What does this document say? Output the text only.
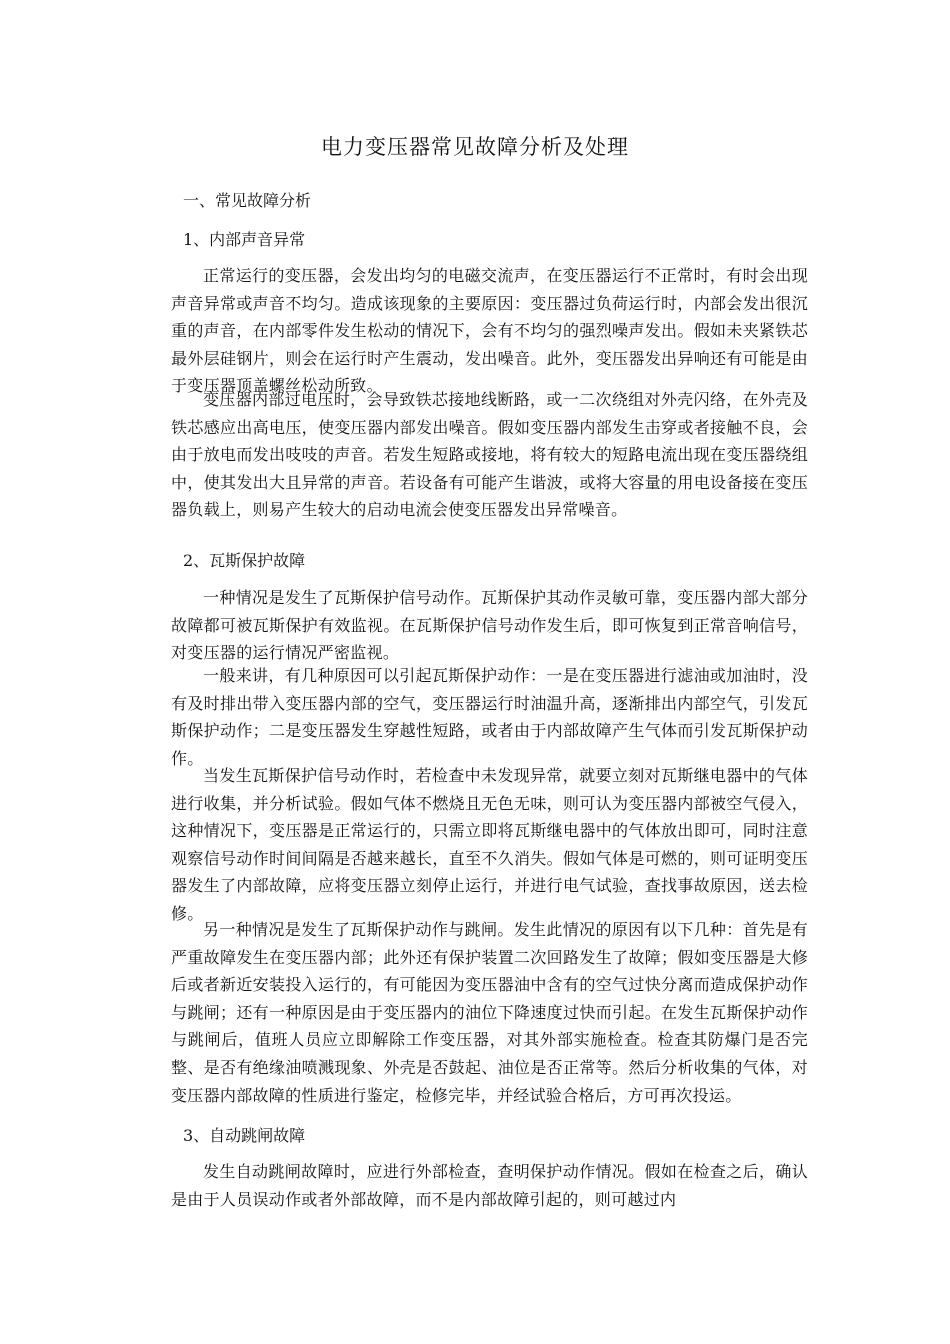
电力变压器常见故障分析及处理
一、常见故障分析
1、内部声音异常
正常运行的变压器，会发出均匀的电磁交流声，在变压器运行不正常时，有时会出现声音异常或声音不均匀。造成该现象的主要原因：变压器过负荷运行时，内部会发出很沉重的声音，在内部零件发生松动的情况下，会有不均匀的强烈噪声发出。假如未夹紧铁芯最外层硅钢片，则会在运行时产生震动，发出噪音。此外，变压器发出异响还有可能是由于变压器顶盖螺丝松动所致。
变压器内部过电压时，会导致铁芯接地线断路，或一二次绕组对外壳闪络，在外壳及铁芯感应出高电压，使变压器内部发出噪音。假如变压器内部发生击穿或者接触不良，会由于放电而发出吱吱的声音。若发生短路或接地，将有较大的短路电流出现在变压器绕组中，使其发出大且异常的声音。若设备有可能产生谐波，或将大容量的用电设备接在变压器负载上，则易产生较大的启动电流会使变压器发出异常噪音。
2、瓦斯保护故障
一种情况是发生了瓦斯保护信号动作。瓦斯保护其动作灵敏可靠，变压器内部大部分故障都可被瓦斯保护有效监视。在瓦斯保护信号动作发生后，即可恢复到正常音响信号，对变压器的运行情况严密监视。
一般来讲，有几种原因可以引起瓦斯保护动作：一是在变压器进行滤油或加油时，没有及时排出带入变压器内部的空气，变压器运行时油温升高，逐渐排出内部空气，引发瓦斯保护动作；二是变压器发生穿越性短路，或者由于内部故障产生气体而引发瓦斯保护动作。
当发生瓦斯保护信号动作时，若检查中未发现异常，就要立刻对瓦斯继电器中的气体进行收集，并分析试验。假如气体不燃烧且无色无味，则可认为变压器内部被空气侵入，这种情况下，变压器是正常运行的，只需立即将瓦斯继电器中的气体放出即可，同时注意观察信号动作时间间隔是否越来越长，直至不久消失。假如气体是可燃的，则可证明变压器发生了内部故障，应将变压器立刻停止运行，并进行电气试验，查找事故原因，送去检修。
另一种情况是发生了瓦斯保护动作与跳闸。发生此情况的原因有以下几种：首先是有严重故障发生在变压器内部；此外还有保护装置二次回路发生了故障；假如变压器是大修后或者新近安装投入运行的，有可能因为变压器油中含有的空气过快分离而造成保护动作与跳闸；还有一种原因是由于变压器内的油位下降速度过快而引起。在发生瓦斯保护动作与跳闸后，值班人员应立即解除工作变压器，对其外部实施检查。检查其防爆门是否完整、是否有绝缘油喷溅现象、外壳是否鼓起、油位是否正常等。然后分析收集的气体，对变压器内部故障的性质进行鉴定，检修完毕，并经试验合格后，方可再次投运。
3、自动跳闸故障
发生自动跳闸故障时，应进行外部检查，查明保护动作情况。假如在检查之后，确认是由于人员误动作或者外部故障，而不是内部故障引起的，则可越过内
